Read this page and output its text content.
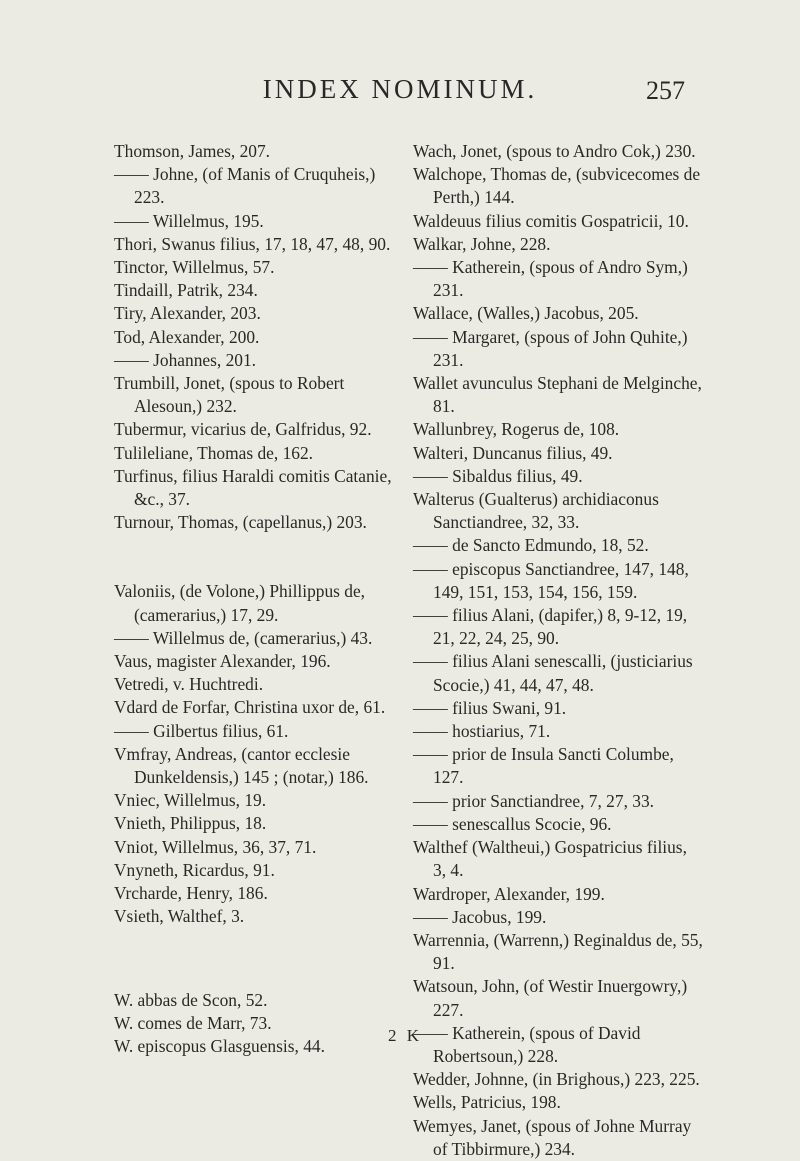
INDEX NOMINUM.	257
Thomson, James, 207.
—— Johne, (of Manis of Cruquheis,) 223.
—— Willelmus, 195.
Thori, Swanus filius, 17, 18, 47, 48, 90.
Tinctor, Willelmus, 57.
Tindaill, Patrik, 234.
Tiry, Alexander, 203.
Tod, Alexander, 200.
—— Johannes, 201.
Trumbill, Jonet, (spous to Robert Alesoun,) 232.
Tubermur, vicarius de, Galfridus, 92.
Tulileliane, Thomas de, 162.
Turfinus, filius Haraldi comitis Catanie, &c., 37.
Turnour, Thomas, (capellanus,) 203.
Valoniis, (de Volone,) Phillippus de, (camerarius,) 17, 29.
—— Willelmus de, (camerarius,) 43.
Vaus, magister Alexander, 196.
Vetredi, v. Huchtredi.
Vdard de Forfar, Christina uxor de, 61.
—— Gilbertus filius, 61.
Vmfray, Andreas, (cantor ecclesie Dunkeldensis,) 145 ; (notar,) 186.
Vniec, Willelmus, 19.
Vnieth, Philippus, 18.
Vniot, Willelmus, 36, 37, 71.
Vnyneth, Ricardus, 91.
Vrcharde, Henry, 186.
Vsieth, Walthef, 3.
W. abbas de Scon, 52.
W. comes de Marr, 73.
W. episcopus Glasguensis, 44.
Wach, Jonet, (spous to Andro Cok,) 230.
Walchope, Thomas de, (subvicecomes de Perth,) 144.
Waldeuus filius comitis Gospatricii, 10.
Walkar, Johne, 228.
—— Katherein, (spous of Andro Sym,) 231.
Wallace, (Walles,) Jacobus, 205.
—— Margaret, (spous of John Quhite,) 231.
Wallet avunculus Stephani de Melginche, 81.
Wallunbrey, Rogerus de, 108.
Walteri, Duncanus filius, 49.
—— Sibaldus filius, 49.
Walterus (Gualterus) archidiaconus Sanctiandree, 32, 33.
—— de Sancto Edmundo, 18, 52.
—— episcopus Sanctiandree, 147, 148, 149, 151, 153, 154, 156, 159.
—— filius Alani, (dapifer,) 8, 9-12, 19, 21, 22, 24, 25, 90.
—— filius Alani senescalli, (justiciarius Scocie,) 41, 44, 47, 48.
—— filius Swani, 91.
—— hostiarius, 71.
—— prior de Insula Sancti Columbe, 127.
—— prior Sanctiandree, 7, 27, 33.
—— senescallus Scocie, 96.
Walthef (Waltheui,) Gospatricius filius, 3, 4.
Wardroper, Alexander, 199.
—— Jacobus, 199.
Warrennia, (Warrenn,) Reginaldus de, 55, 91.
Watsoun, John, (of Westir Inuergowry,) 227.
—— Katherein, (spous of David Robertsoun,) 228.
Wedder, Johnne, (in Brighous,) 223, 225.
Wells, Patricius, 198.
Wemyes, Janet, (spous of Johne Murray of Tibbirmure,) 234.
2 K
